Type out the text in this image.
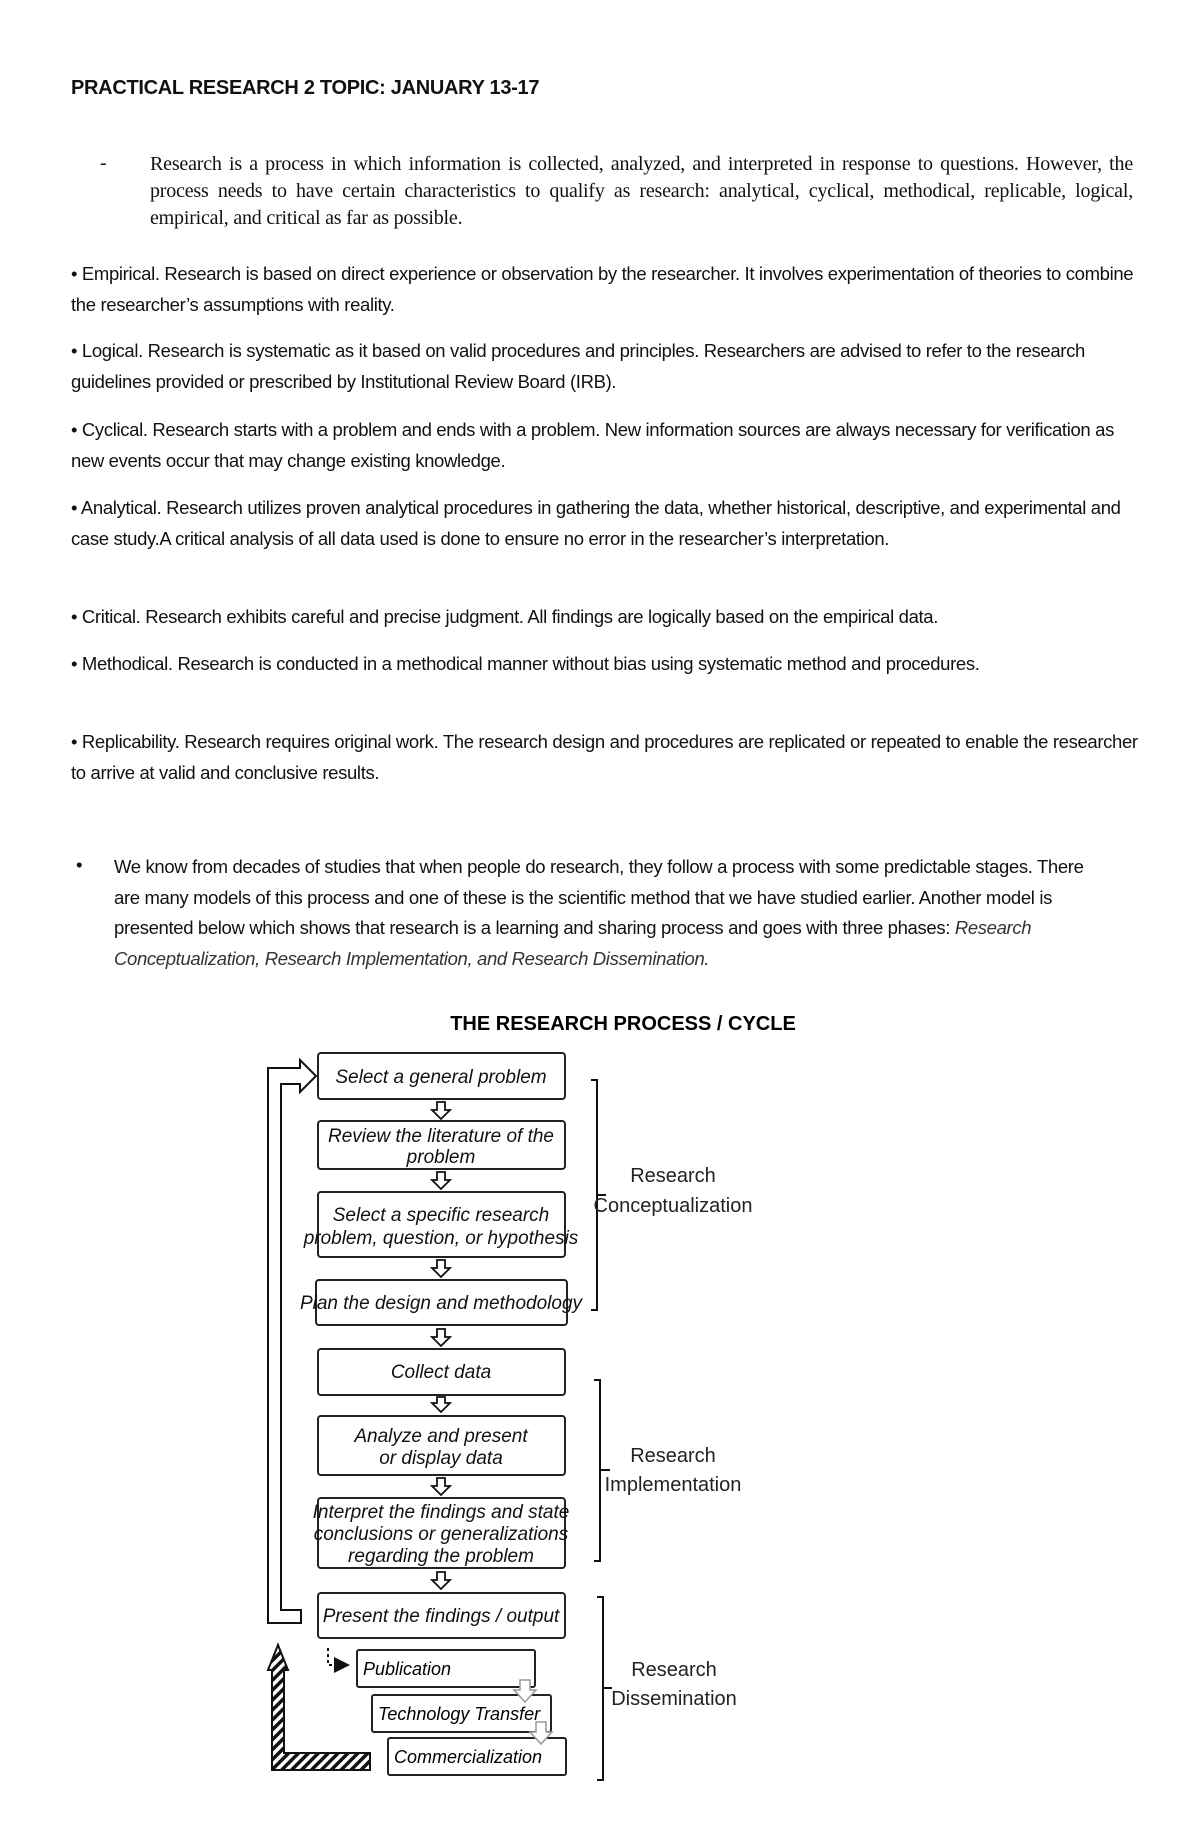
PRACTICAL RESEARCH 2 TOPIC: JANUARY 13-17
- Research is a process in which information is collected, analyzed, and interpreted in response to questions. However, the process needs to have certain characteristics to qualify as research: analytical, cyclical, methodical, replicable, logical, empirical, and critical as far as possible.
• Empirical. Research is based on direct experience or observation by the researcher. It involves experimentation of theories to combine the researcher’s assumptions with reality.
• Logical. Research is systematic as it based on valid procedures and principles. Researchers are advised to refer to the research guidelines provided or prescribed by Institutional Review Board (IRB).
• Cyclical. Research starts with a problem and ends with a problem. New information sources are always necessary for verification as new events occur that may change existing knowledge.
• Analytical. Research utilizes proven analytical procedures in gathering the data, whether historical, descriptive, and experimental and case study.A critical analysis of all data used is done to ensure no error in the researcher’s interpretation.
• Critical. Research exhibits careful and precise judgment. All findings are logically based on the empirical data.
• Methodical. Research is conducted in a methodical manner without bias using systematic method and procedures.
• Replicability. Research requires original work. The research design and procedures are replicated or repeated to enable the researcher to arrive at valid and conclusive results.
• We know from decades of studies that when people do research, they follow a process with some predictable stages. There are many models of this process and one of these is the scientific method that we have studied earlier. Another model is presented below which shows that research is a learning and sharing process and goes with three phases: Research Conceptualization, Research Implementation, and Research Dissemination.
THE RESEARCH PROCESS / CYCLE
Select a general problem
Review the literature of the
problem
Select a specific research
problem, question, or hypothesis
Plan the design and methodology
Collect data
Analyze and present
or display data
Interpret the findings and state
conclusions or generalizations
regarding the problem
Present the findings / output
Publication
Technology Transfer
Commercialization
Research
Conceptualization
Research
Implementation
Research
Dissemination
